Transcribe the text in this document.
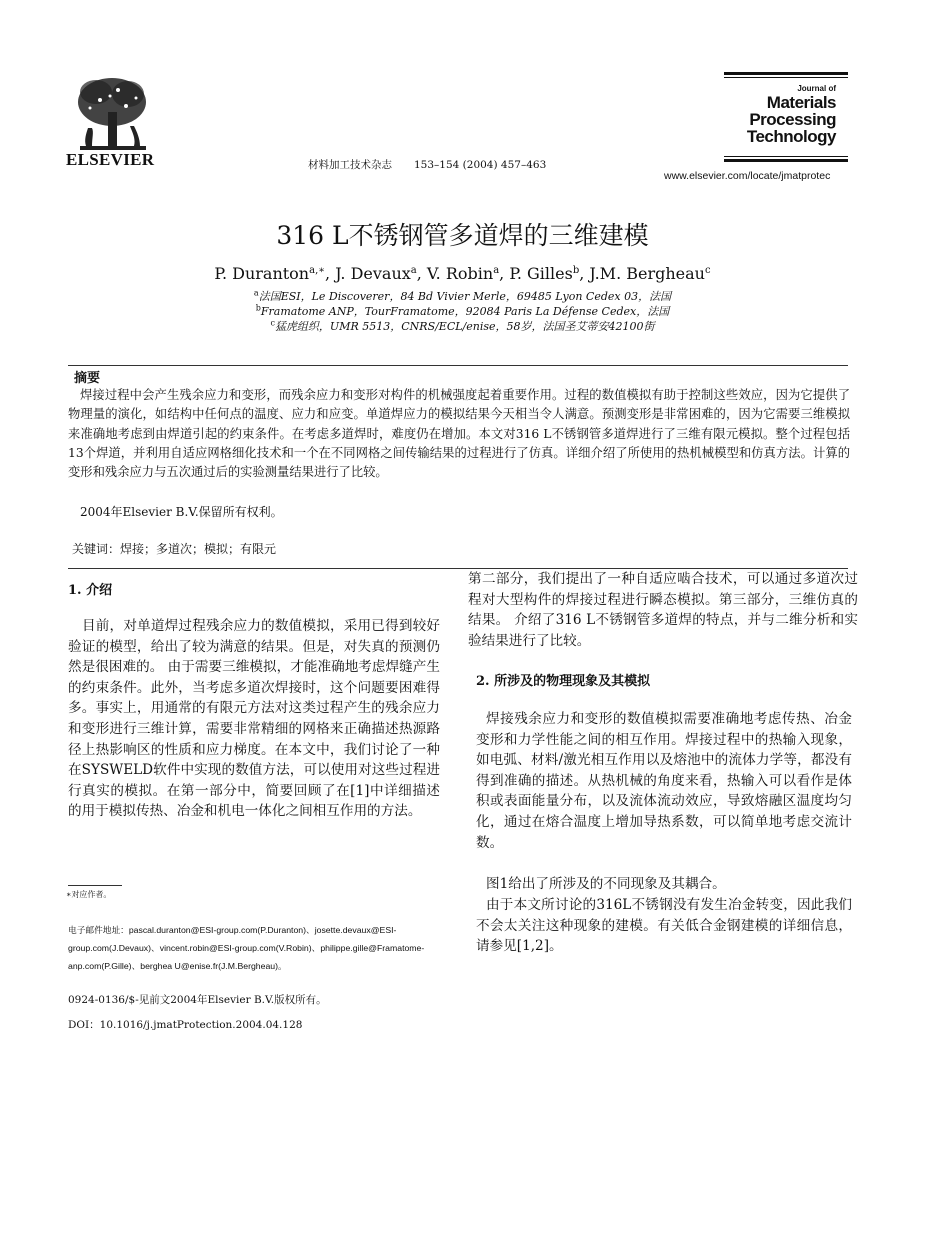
ELSEVIER	材料加工技术杂志 153–154 (2004) 457–463
Journal of
Materials
Processing
Technology
www.elsevier.com/locate/jmatprotec
316 L不锈钢管多道焊的三维建模
P. Duranton$^{a,∗}$, J. Devaux$^a$, V. Robin$^a$, P. Gilles$^b$, J.M. Bergheau$^c$
$^a$法国ESI，Le Discoverer，84 Bd Vivier Merle，69485 Lyon Cedex 03，法国
$^b$Framatome ANP，TourFramatome，92084 Paris La Défense Cedex，法国
$^c$猛虎组织，UMR 5513，CNRS/ECL/enise，58岁，法国圣艾蒂安42100街
摘要
焊接过程中会产生残余应力和变形，而残余应力和变形对构件的机械强度起着重要作用。过程的数值模拟有助于控制这些效应，因为它提供了物理量的演化，如结构中任何点的温度、应力和应变。单道焊应力的模拟结果今天相当令人满意。预测变形是非常困难的，因为它需要三维模拟来准确地考虑到由焊道引起的约束条件。在考虑多道焊时，难度仍在增加。本文对316 L不锈钢管多道焊进行了三维有限元模拟。整个过程包括13个焊道，并利用自适应网格细化技术和一个在不同网格之间传输结果的过程进行了仿真。详细介绍了所使用的热机械模型和仿真方法。计算的变形和残余应力与五次通过后的实验测量结果进行了比较。
2004年Elsevier B.V.保留所有权利。
关键词：焊接；多道次；模拟；有限元
1. 介绍
目前，对单道焊过程残余应力的数值模拟，采用已得到较好验证的模型，给出了较为满意的结果。但是，对失真的预测仍然是很困难的。 由于需要三维模拟，才能准确地考虑焊缝产生的约束条件。此外，当考虑多道次焊接时，这个问题要困难得多。事实上，用通常的有限元方法对这类过程产生的残余应力和变形进行三维计算，需要非常精细的网格来正确描述热源路径上热影响区的性质和应力梯度。在本文中，我们讨论了一种在SYSWELD软件中实现的数值方法，可以使用对这些过程进行真实的模拟。在第一部分中，简要回顾了在[1]中详细描述的用于模拟传热、冶金和机电一体化之间相互作用的方法。
∗对应作者。
电子邮件地址：pascal.duranton@ESI-group.com(P.Duranton)、josette.devaux@ESI-group.com(J.Devaux)、vincent.robin@ESI-group.com(V.Robin)、philippe.gille@Framatome-anp.com(P.Gille)、berghea U@enise.fr(J.M.Bergheau)。
0924-0136/$-见前文2004年Elsevier B.V.版权所有。
DOI：10.1016/j.jmatProtection.2004.04.128
第二部分，我们提出了一种自适应啮合技术，可以通过多道次过程对大型构件的焊接过程进行瞬态模拟。第三部分，三维仿真的结果。 介绍了316 L不锈钢管多道焊的特点，并与二维分析和实验结果进行了比较。
2. 所涉及的物理现象及其模拟
焊接残余应力和变形的数值模拟需要准确地考虑传热、冶金变形和力学性能之间的相互作用。焊接过程中的热输入现象，如电弧、材料/激光相互作用以及熔池中的流体力学等，都没有得到准确的描述。从热机械的角度来看，热输入可以看作是体积或表面能量分布，以及流体流动效应，导致熔融区温度均匀化，通过在熔合温度上增加导热系数，可以简单地考虑交流计数。
图1给出了所涉及的不同现象及其耦合。
由于本文所讨论的316L不锈钢没有发生冶金转变，因此我们不会太关注这种现象的建模。有关低合金钢建模的详细信息，请参见[1,2]。
